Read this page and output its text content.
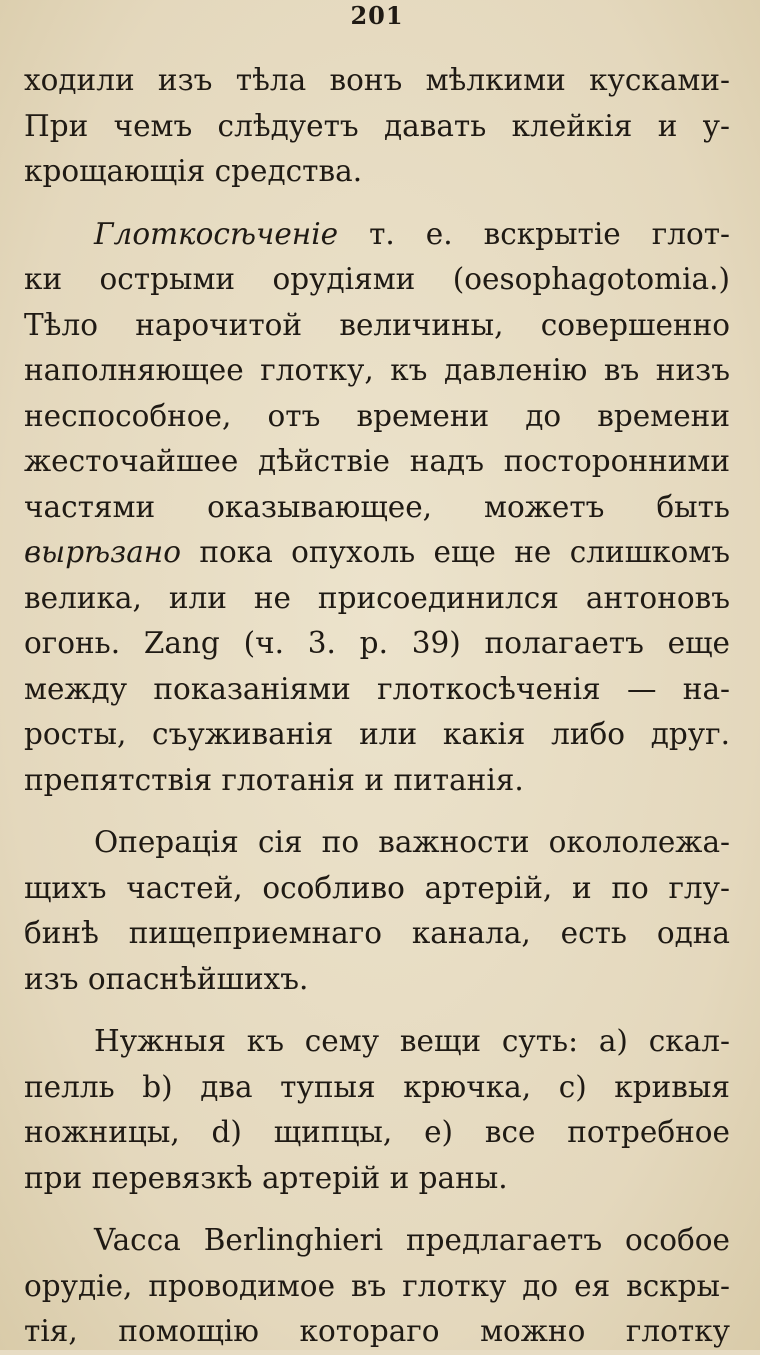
201
ходили изъ тѣла вонъ мѣлкими кусками-
При чемъ слѣдуетъ давать клейкія и у-
крощающія средства.
Глоткосѣченіе т. е. вскрытіе глот-
ки острыми орудіями (oesophagotomia.)
Тѣло нарочитой величины, совершенно
наполняющее глотку, къ давленію въ низъ
неспособное, отъ времени до времени
жесточайшее дѣйствіе надъ посторонними
частями оказывающее, можетъ быть
вырѣзано пока опухоль еще не слишкомъ
велика, или не присоединился антоновъ
огонь. Zang (ч. 3. р. 39) полагаетъ еще
между показаніями глоткосѣченія — на-
росты, съуживанія или какія либо друг.
препятствія глотанія и питанія.
Операція сія по важности окололежа-
щихъ частей, особливо артерій, и по глу-
бинѣ пищеприемнаго канала, есть одна
изъ опаснѣйшихъ.
Нужныя къ сему вещи суть: а) скал-
пелль b) два тупыя крючка, с) кривыя
ножницы, d) щипцы, е) все потребное
при перевязкѣ артерій и раны.
Vacca Berlinghieri предлагаетъ особое
орудіе, проводимое въ глотку до ея вскры-
тія, помощію котораго можно глотку
